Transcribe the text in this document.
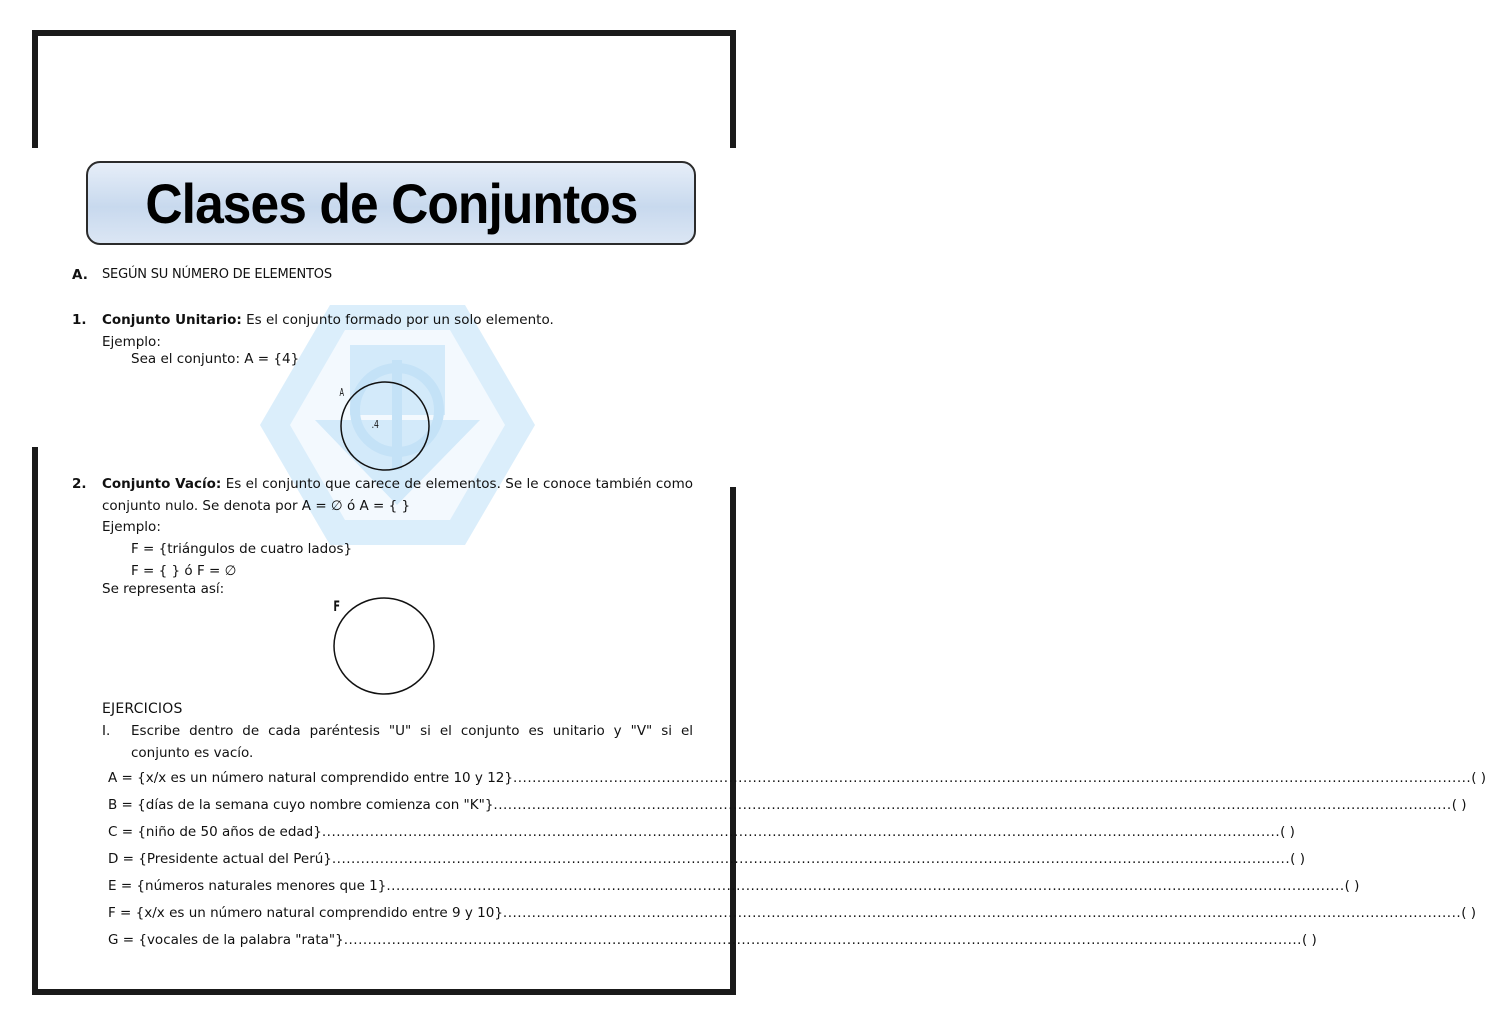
Clases de Conjuntos
A. SEGÚN SU NÚMERO DE ELEMENTOS
1. Conjunto Unitario: Es el conjunto formado por un solo elemento.
Ejemplo:
Sea el conjunto: A = {4}
A
.4
2. Conjunto Vacío: Es el conjunto que carece de elementos. Se le conoce también como conjunto nulo. Se denota por A = ∅ ó A = { }
Ejemplo:
F = {triángulos de cuatro lados}
F = { } ó F = ∅
Se representa así:
F
EJERCICIOS
I. Escribe dentro de cada paréntesis "U" si el conjunto es unitario y "V" si el
conjunto es vacío.
A = {x/x es un número natural comprendido entre 10 y 12} ........................................................................................................................................................................................................ ( )
B = {días de la semana cuyo nombre comienza con "K"} ........................................................................................................................................................................................................ ( )
C = {niño de 50 años de edad} ........................................................................................................................................................................................................ ( )
D = {Presidente actual del Perú} ........................................................................................................................................................................................................ ( )
E = {números naturales menores que 1} ........................................................................................................................................................................................................ ( )
F = {x/x es un número natural comprendido entre 9 y 10} ........................................................................................................................................................................................................ ( )
G = {vocales de la palabra "rata"} ........................................................................................................................................................................................................ ( )
